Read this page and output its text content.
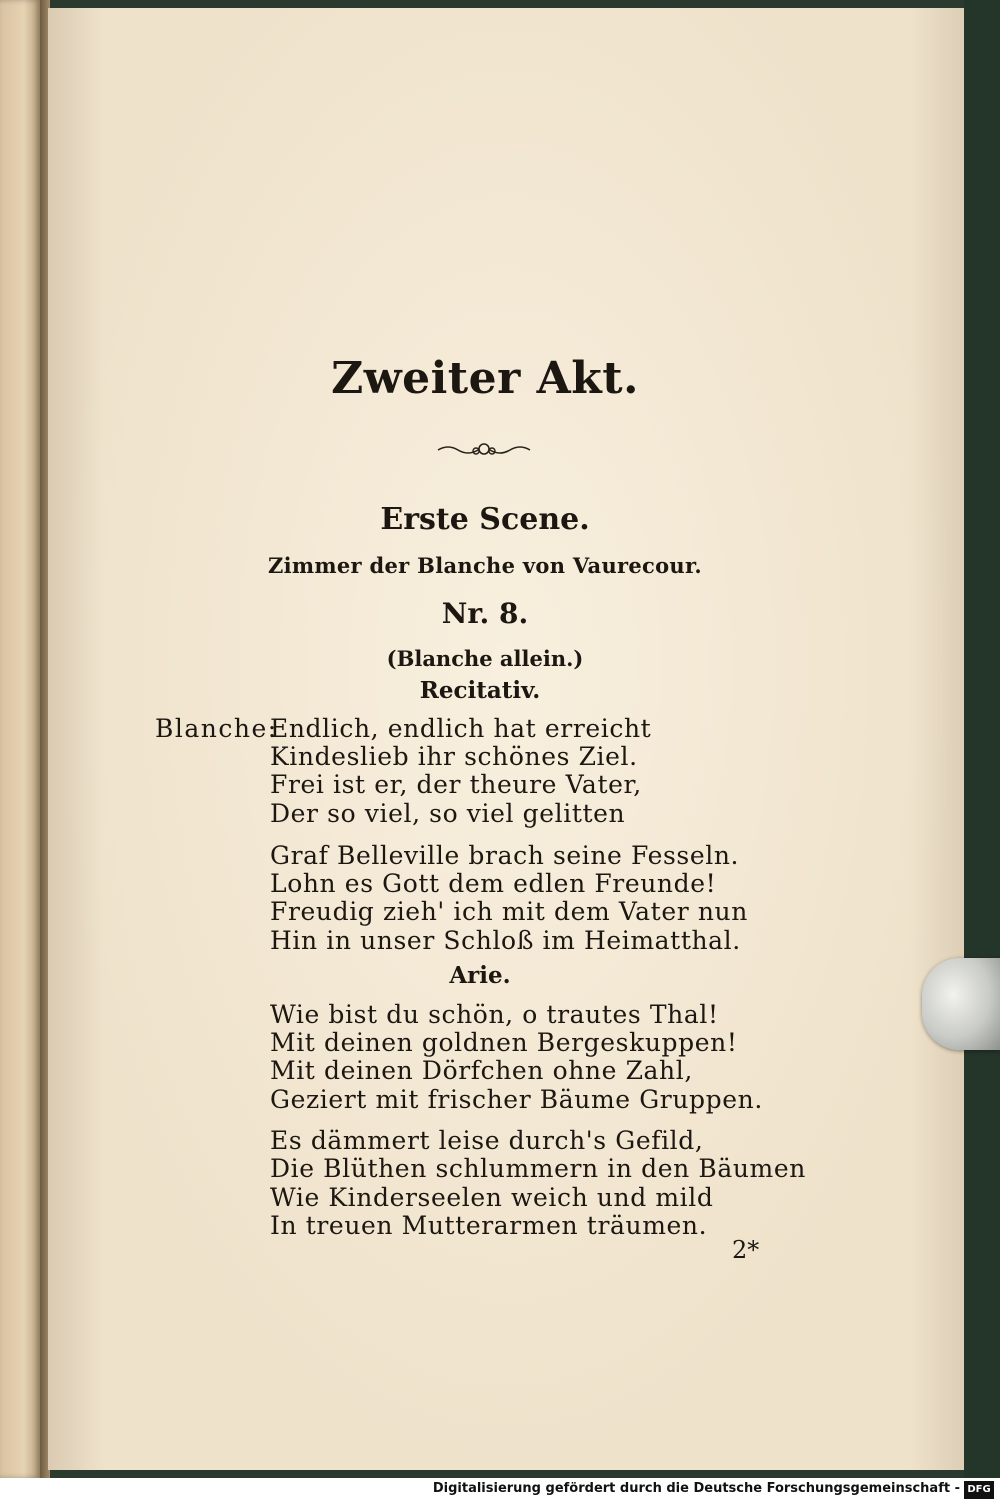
Zweiter Akt.
Erste Scene.
Zimmer der Blanche von Vaurecour.
Nr. 8.
(Blanche allein.)
Recitativ.
Blanche:
Endlich, endlich hat erreicht
Kindeslieb ihr schönes Ziel.
Frei ist er, der theure Vater,
Der so viel, so viel gelitten
Graf Belleville brach seine Fesseln.
Lohn es Gott dem edlen Freunde!
Freudig zieh' ich mit dem Vater nun
Hin in unser Schloß im Heimatthal.
Arie.
Wie bist du schön, o trautes Thal!
Mit deinen goldnen Bergeskuppen!
Mit deinen Dörfchen ohne Zahl,
Geziert mit frischer Bäume Gruppen.
Es dämmert leise durch's Gefild,
Die Blüthen schlummern in den Bäumen
Wie Kinderseelen weich und mild
In treuen Mutterarmen träumen.
2*
Digitalisierung gefördert durch die Deutsche Forschungsgemeinschaft - DFG
